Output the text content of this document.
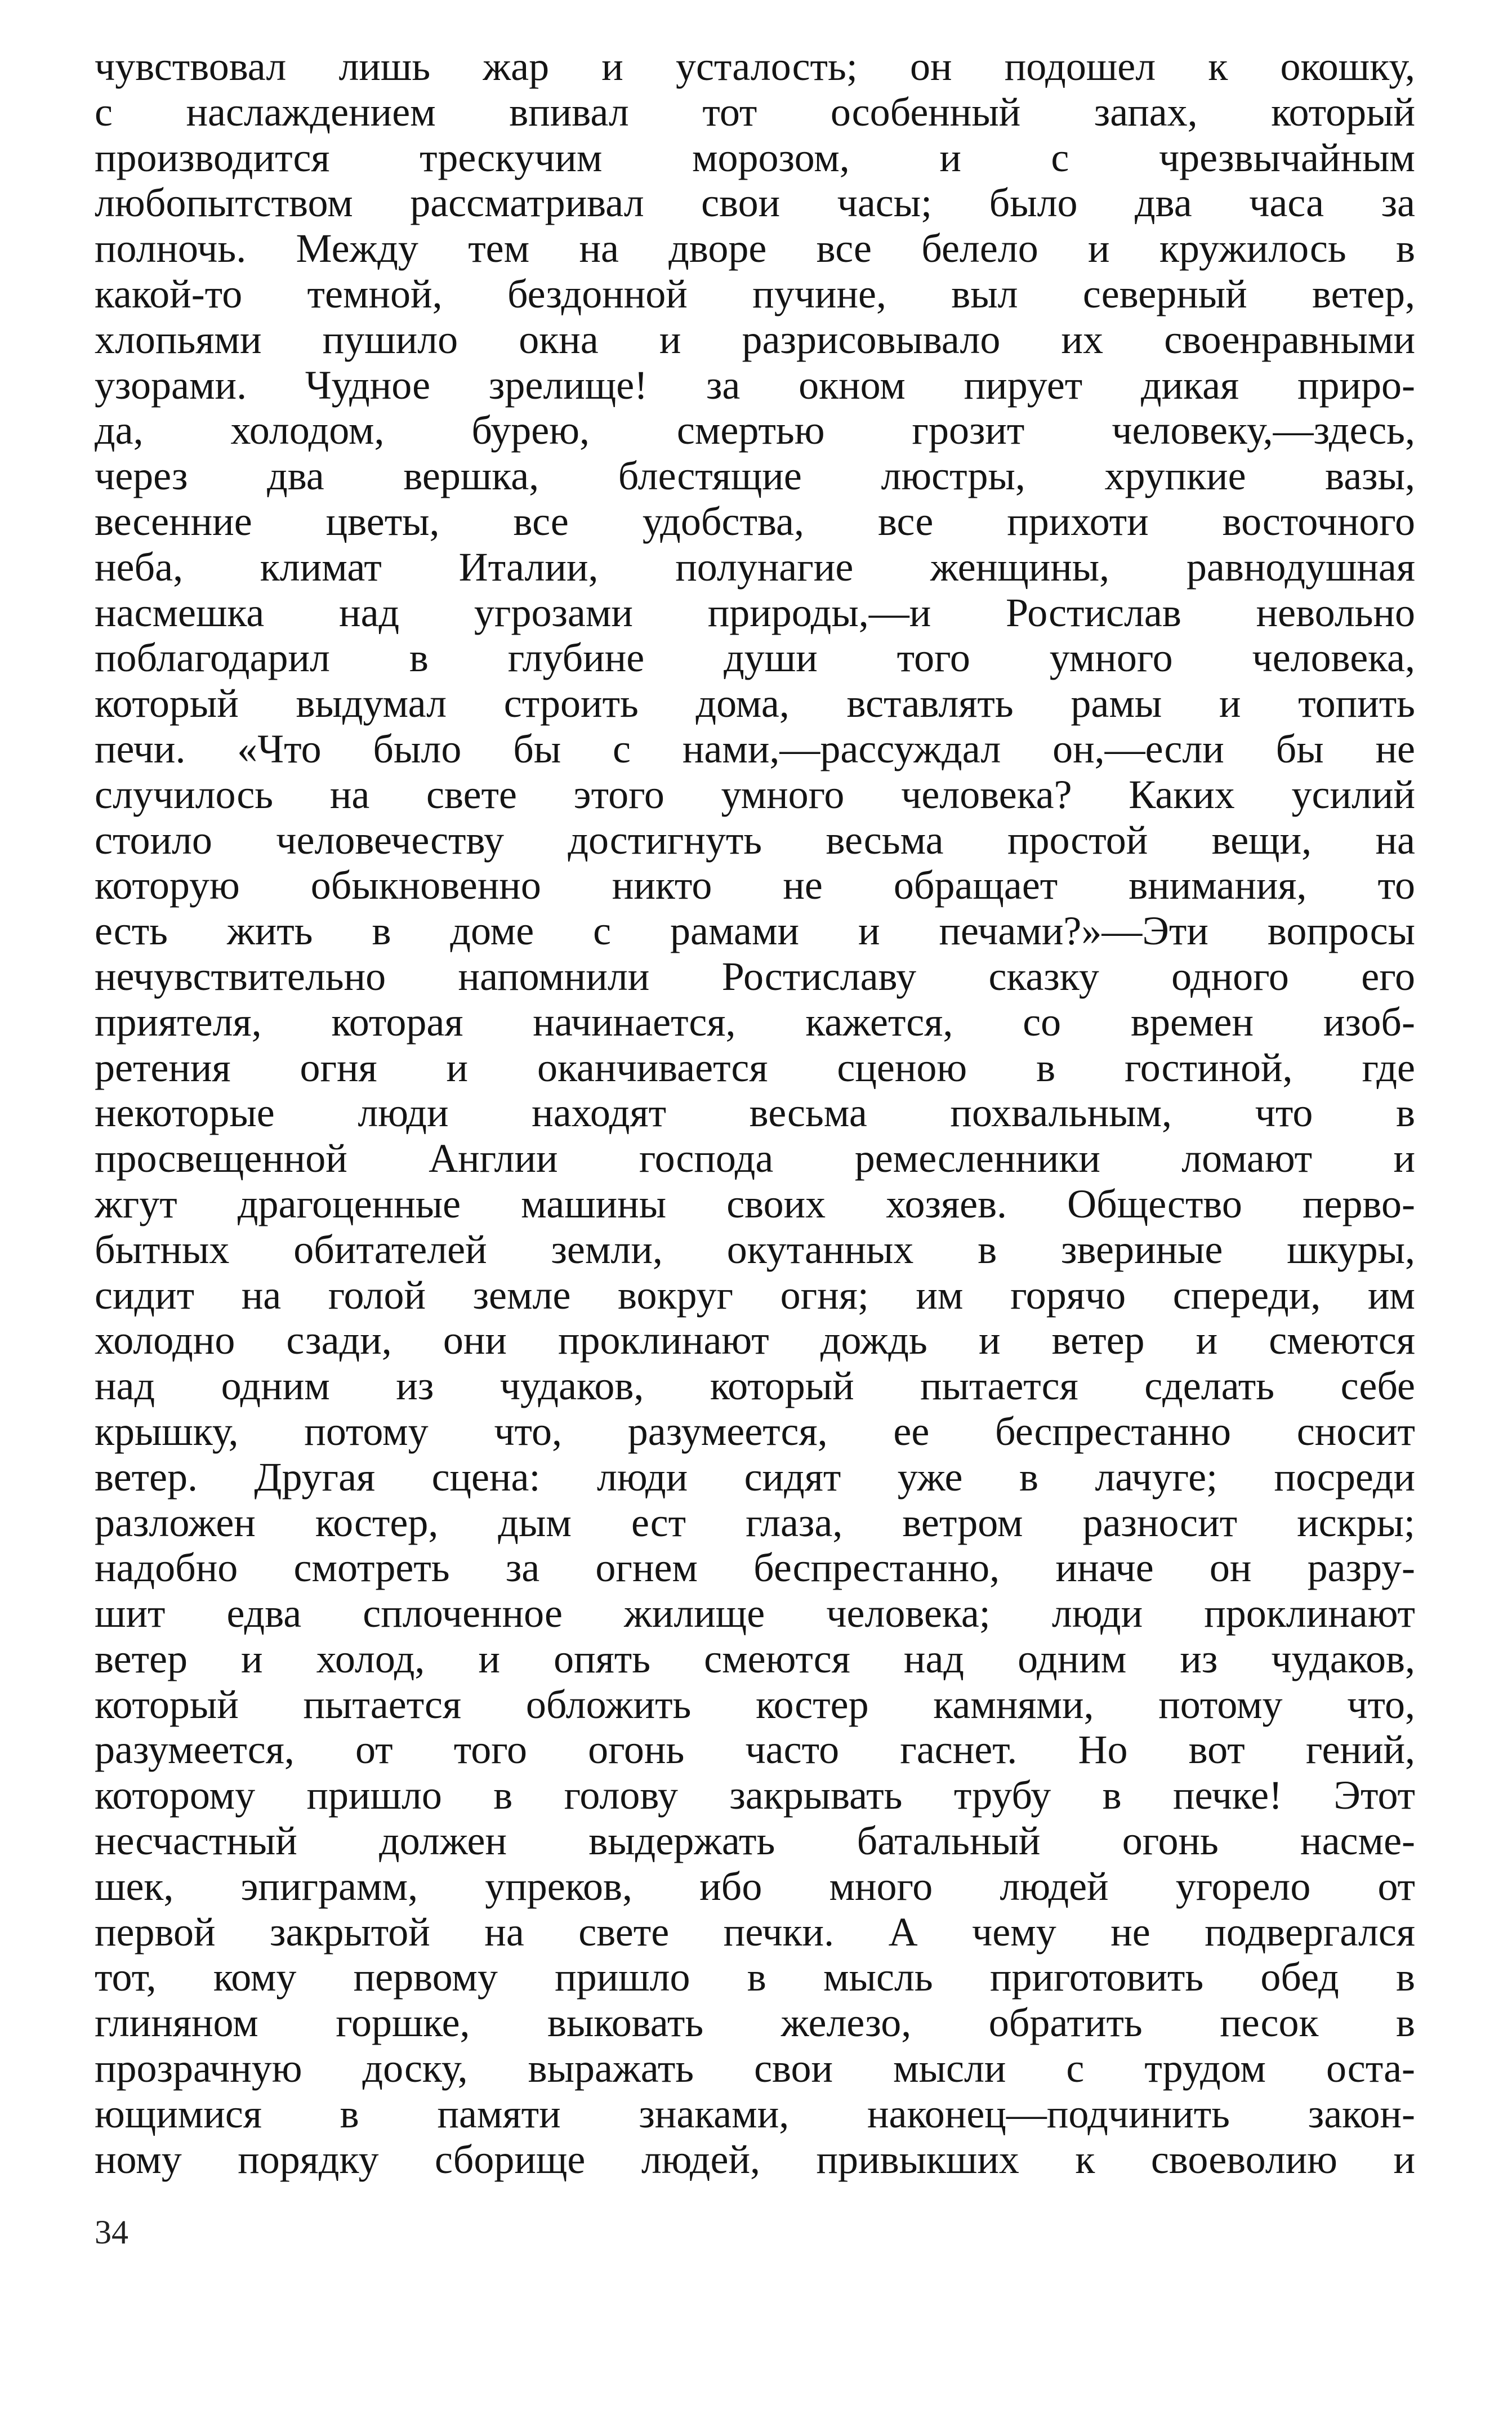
чувствовал лишь жар и усталость; он подошел к окошку,
с наслаждением впивал тот особенный запах, который
производится трескучим морозом, и с чрезвычайным
любопытством рассматривал свои часы; было два часа за
полночь. Между тем на дворе все белело и кружилось в
какой-то темной, бездонной пучине, выл северный ветер,
хлопьями пушило окна и разрисовывало их своенравными
узорами. Чудное зрелище! за окном пирует дикая приро-
да, холодом, бурею, смертью грозит человеку,—здесь,
через два вершка, блестящие люстры, хрупкие вазы,
весенние цветы, все удобства, все прихоти восточного
неба, климат Италии, полунагие женщины, равнодушная
насмешка над угрозами природы,—и Ростислав невольно
поблагодарил в глубине души того умного человека,
который выдумал строить дома, вставлять рамы и топить
печи. «Что было бы с нами,—рассуждал он,—если бы не
случилось на свете этого умного человека? Каких усилий
стоило человечеству достигнуть весьма простой вещи, на
которую обыкновенно никто не обращает внимания, то
есть жить в доме с рамами и печами?»—Эти вопросы
нечувствительно напомнили Ростиславу сказку одного его
приятеля, которая начинается, кажется, со времен изоб-
ретения огня и оканчивается сценою в гостиной, где
некоторые люди находят весьма похвальным, что в
просвещенной Англии господа ремесленники ломают и
жгут драгоценные машины своих хозяев. Общество перво-
бытных обитателей земли, окутанных в звериные шкуры,
сидит на голой земле вокруг огня; им горячо спереди, им
холодно сзади, они проклинают дождь и ветер и смеются
над одним из чудаков, который пытается сделать себе
крышку, потому что, разумеется, ее беспрестанно сносит
ветер. Другая сцена: люди сидят уже в лачуге; посреди
разложен костер, дым ест глаза, ветром разносит искры;
надобно смотреть за огнем беспрестанно, иначе он разру-
шит едва сплоченное жилище человека; люди проклинают
ветер и холод, и опять смеются над одним из чудаков,
который пытается обложить костер камнями, потому что,
разумеется, от того огонь часто гаснет. Но вот гений,
которому пришло в голову закрывать трубу в печке! Этот
несчастный должен выдержать батальный огонь насме-
шек, эпиграмм, упреков, ибо много людей угорело от
первой закрытой на свете печки. А чему не подвергался
тот, кому первому пришло в мысль приготовить обед в
глиняном горшке, выковать железо, обратить песок в
прозрачную доску, выражать свои мысли с трудом оста-
ющимися в памяти знаками, наконец—подчинить закон-
ному порядку сборище людей, привыкших к своеволию и
34
